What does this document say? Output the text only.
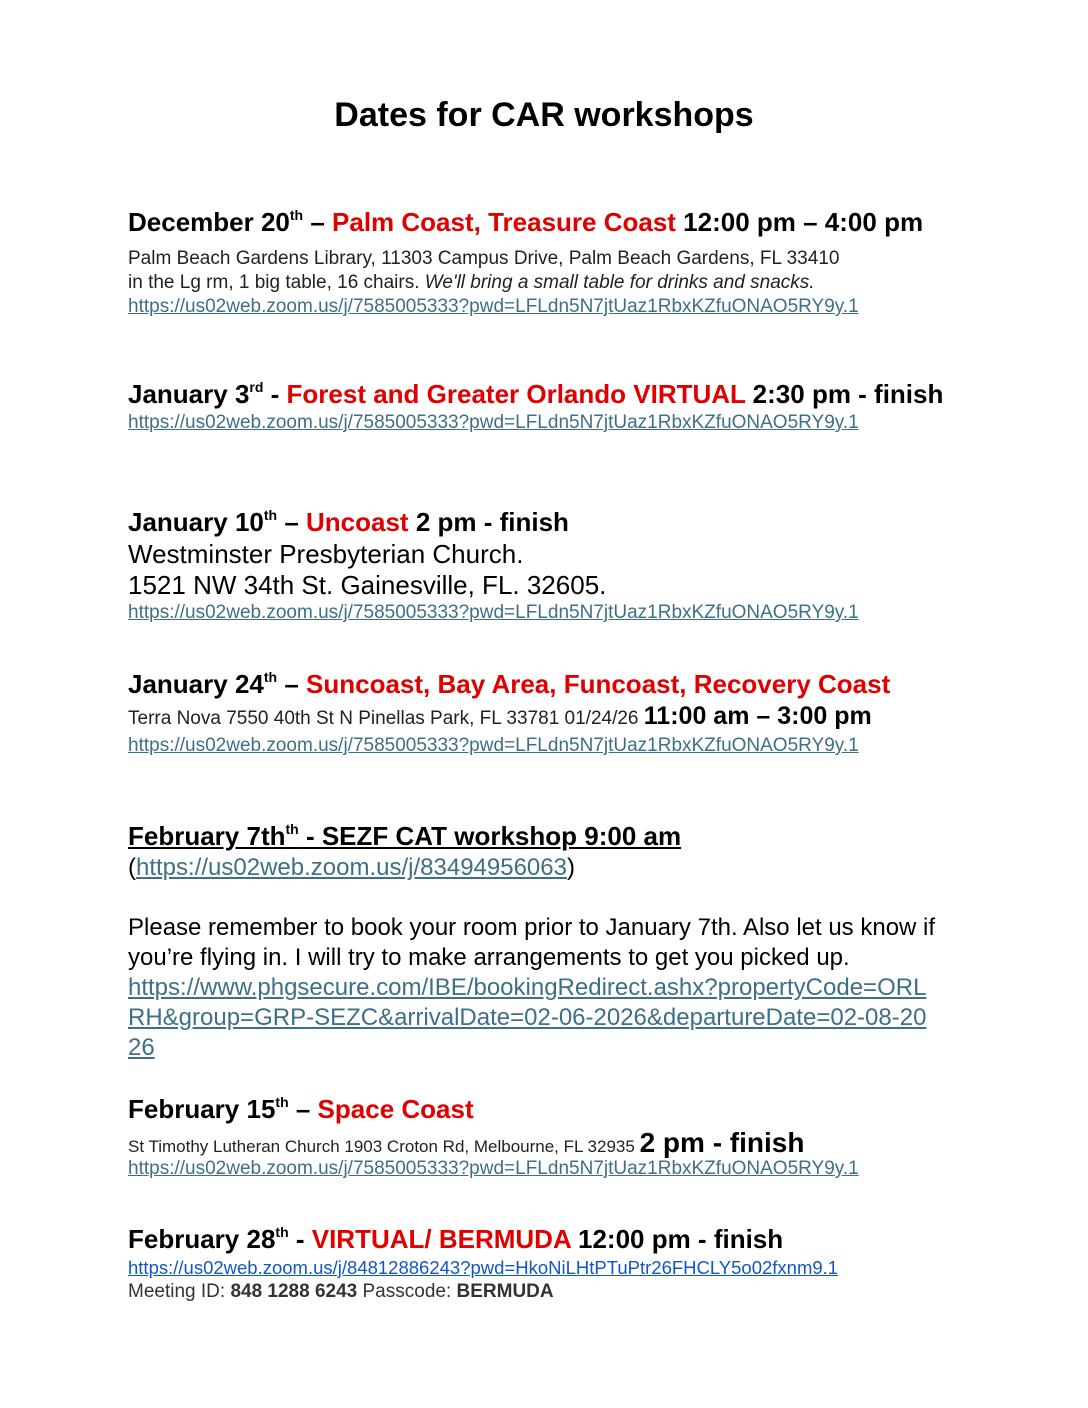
Dates for CAR workshops

December 20th – Palm Coast, Treasure Coast 12:00 pm – 4:00 pm

Palm Beach Gardens Library, 11303 Campus Drive, Palm Beach Gardens, FL 33410
in the Lg rm, 1 big table, 16 chairs. We'll bring a small table for drinks and snacks.

https://us02web.zoom.us/j/7585005333?pwd=LFLdn5N7jtUaz1RbxKZfuONAO5RY9y.1

January 3rd - Forest and Greater Orlando VIRTUAL 2:30 pm - finish

https://us02web.zoom.us/j/7585005333?pwd=LFLdn5N7jtUaz1RbxKZfuONAO5RY9y.1

January 10th – Uncoast 2 pm - finish

Westminster Presbyterian Church.

1521 NW 34th St. Gainesville, FL. 32605.

https://us02web.zoom.us/j/7585005333?pwd=LFLdn5N7jtUaz1RbxKZfuONAO5RY9y.1

January 24th – Suncoast, Bay Area, Funcoast, Recovery Coast

Terra Nova 7550 40th St N Pinellas Park, FL 33781 01/24/26 11:00 am – 3:00 pm

https://us02web.zoom.us/j/7585005333?pwd=LFLdn5N7jtUaz1RbxKZfuONAO5RY9y.1

February $7th^{th}$ - SEZF CAT workshop 9:00 am

(https://us02web.zoom.us/j/83494956063)

Please remember to book your room prior to January 7th. Also let us know if you’re flying in. I will try to make arrangements to get you picked up.

https://www.phgsecure.com/IBE/bookingRedirect.ashx?propertyCode=ORL
RH&group=GRP-SEZC&arrivalDate=02-06-2026&departureDate=02-08-20
26

February 15th – Space Coast

St Timothy Lutheran Church 1903 Croton Rd, Melbourne, FL 32935 2 pm - finish

https://us02web.zoom.us/j/7585005333?pwd=LFLdn5N7jtUaz1RbxKZfuONAO5RY9y.1

February 28th - VIRTUAL/ BERMUDA 12:00 pm - finish

https://us02web.zoom.us/j/84812886243?pwd=HkoNiLHtPTuPtr26FHCLY5o02fxnm9.1

Meeting ID: 848 1288 6243 Passcode: BERMUDA
